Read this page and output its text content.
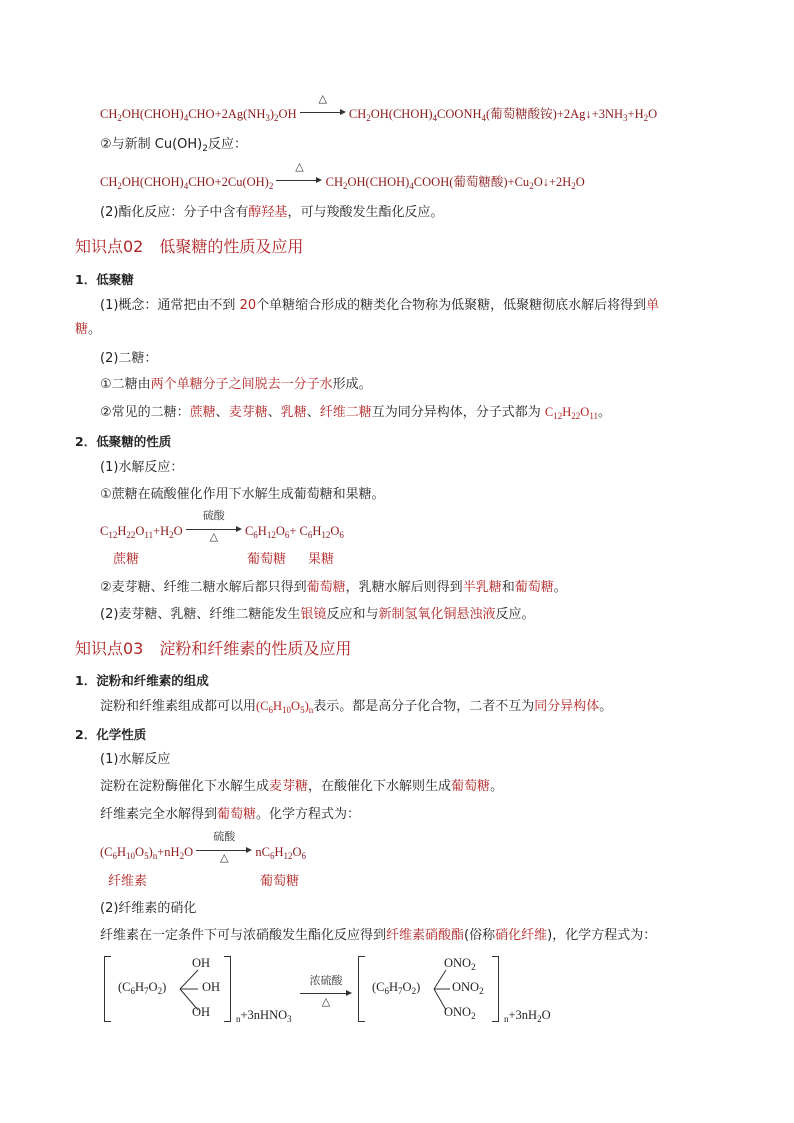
$CH_2OH(CHOH)_4CHO+2Ag(NH_3)_2OH$
△
$CH_2OH(CHOH)_4COONH_4$(葡萄糖酸铵)$+2Ag↓+3NH_3+H_2O$
②与新制 $Cu(OH)_2$反应：
$CH_2OH(CHOH)_4CHO+2Cu(OH)_2$
△
$CH_2OH(CHOH)_4COOH$(葡萄糖酸)$+Cu_2O↓+2H_2O$
(2)酯化反应：分子中含有醇羟基，可与羧酸发生酯化反应。
知识点02 低聚糖的性质及应用
1．低聚糖
(1)概念：通常把由不到 20个单糖缩合形成的糖类化合物称为低聚糖，低聚糖彻底水解后将得到单
糖。
(2)二糖：
①二糖由两个单糖分子之间脱去一分子水形成。
②常见的二糖：蔗糖、麦芽糖、乳糖、纤维二糖互为同分异构体，分子式都为 $C_{12}H_{22}O_{11}$。
2．低聚糖的性质
(1)水解反应：
①蔗糖在硫酸催化作用下水解生成葡萄糖和果糖。
$C_{12}H_{22}O_{11}+H_2O$
硫酸
△	$C_6H_{12}O_6+ C_6H_{12}O_6$
蔗糖	葡萄糖 果糖
②麦芽糖、纤维二糖水解后都只得到葡萄糖，乳糖水解后则得到半乳糖和葡萄糖。
(2)麦芽糖、乳糖、纤维二糖能发生银镜反应和与新制氢氧化铜悬浊液反应。
知识点03 淀粉和纤维素的性质及应用
1．淀粉和纤维素的组成
淀粉和纤维素组成都可以用$(C_6H_{10}O_5)_n$表示。都是高分子化合物，二者不互为同分异构体。
2．化学性质
(1)水解反应
淀粉在淀粉酶催化下水解生成麦芽糖，在酸催化下水解则生成葡萄糖。
纤维素完全水解得到葡萄糖。化学方程式为：
$(C_6H_{10}O_5)_n+nH_2O$
硫酸
△	$nC_6H_{12}O_6$
纤维素	葡萄糖
(2)纤维素的硝化
纤维素在一定条件下可与浓硝酸发生酯化反应得到纤维素硝酸酯(俗称硝化纤维)，化学方程式为：
$(C_6H_7O_2)$
OH
OH
OH	$_n$+3nHNO$_3$
浓硫酸
△
$(C_6H_7O_2)$
$ONO_2$
$ONO_2$
$ONO_2$	$_n+3nH_2O$
